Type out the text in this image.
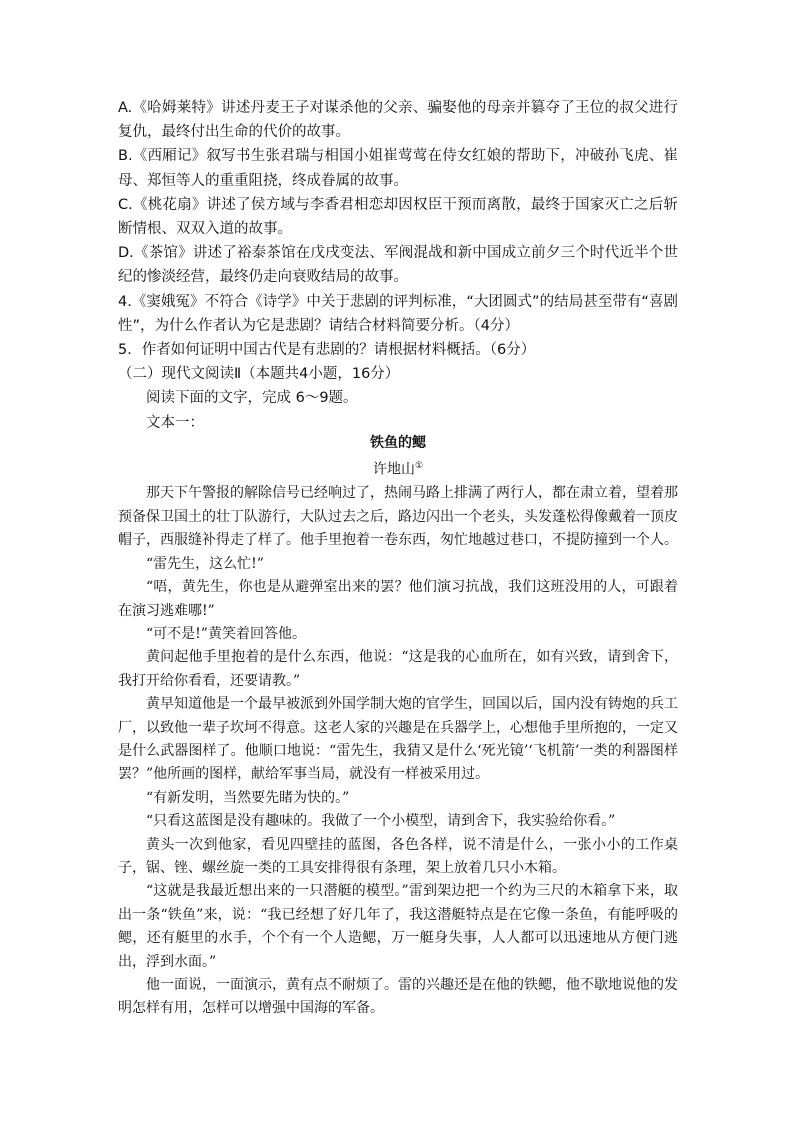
A.《哈姆莱特》讲述丹麦王子对谋杀他的父亲、骗娶他的母亲并篡夺了王位的叔父进行复仇，最终付出生命的代价的故事。

B.《西厢记》叙写书生张君瑞与相国小姐崔莺莺在侍女红娘的帮助下，冲破孙飞虎、崔母、郑恒等人的重重阻挠，终成眷属的故事。

C.《桃花扇》讲述了侯方域与李香君相恋却因权臣干预而离散，最终于国家灭亡之后斩断情根、双双入道的故事。

D.《茶馆》讲述了裕泰茶馆在戊戌变法、军阀混战和新中国成立前夕三个时代近半个世纪的惨淡经营，最终仍走向衰败结局的故事。

4.《窦娥冤》不符合《诗学》中关于悲剧的评判标准，“大团圆式”的结局甚至带有“喜剧性”，为什么作者认为它是悲剧？请结合材料简要分析。（4分）

5．作者如何证明中国古代是有悲剧的？请根据材料概括。（6分）

（二）现代文阅读Ⅱ（本题共4小题，16分）

阅读下面的文字，完成 6～9题。

文本一：

铁鱼的鳃

许地山①

那天下午警报的解除信号已经响过了，热闹马路上排满了两行人，都在肃立着，望着那预备保卫国土的壮丁队游行，大队过去之后，路边闪出一个老头，头发蓬松得像戴着一顶皮帽子，西服缝补得走了样了。他手里抱着一卷东西，匆忙地越过巷口，不提防撞到一个人。

“雷先生，这么忙!”

“唔，黄先生，你也是从避弹室出来的罢？他们演习抗战，我们这班没用的人，可跟着在演习逃难哪!”

“可不是!”黄笑着回答他。

黄问起他手里抱着的是什么东西，他说：“这是我的心血所在，如有兴致，请到舍下，我打开给你看看，还要请教。”

黄早知道他是一个最早被派到外国学制大炮的官学生，回国以后，国内没有铸炮的兵工厂，以致他一辈子坎坷不得意。这老人家的兴趣是在兵器学上，心想他手里所抱的，一定又是什么武器图样了。他顺口地说：“雷先生，我猜又是什么‘死光镜’‘飞机箭’一类的利器图样罢？”他所画的图样，献给军事当局，就没有一样被采用过。

“有新发明，当然要先睹为快的。”

“只看这蓝图是没有趣味的。我做了一个小模型，请到舍下，我实验给你看。”

黄头一次到他家，看见四壁挂的蓝图，各色各样，说不清是什么，一张小小的工作桌子，锯、锉、螺丝旋一类的工具安排得很有条理，架上放着几只小木箱。

“这就是我最近想出来的一只潜艇的模型。”雷到架边把一个约为三尺的木箱拿下来，取出一条“铁鱼”来，说：“我已经想了好几年了，我这潜艇特点是在它像一条鱼，有能呼吸的鳃，还有艇里的水手，个个有一个人造鳃，万一艇身失事，人人都可以迅速地从方便门逃出，浮到水面。”

他一面说，一面演示，黄有点不耐烦了。雷的兴趣还是在他的铁鳃，他不歇地说他的发明怎样有用，怎样可以增强中国海的军备。
